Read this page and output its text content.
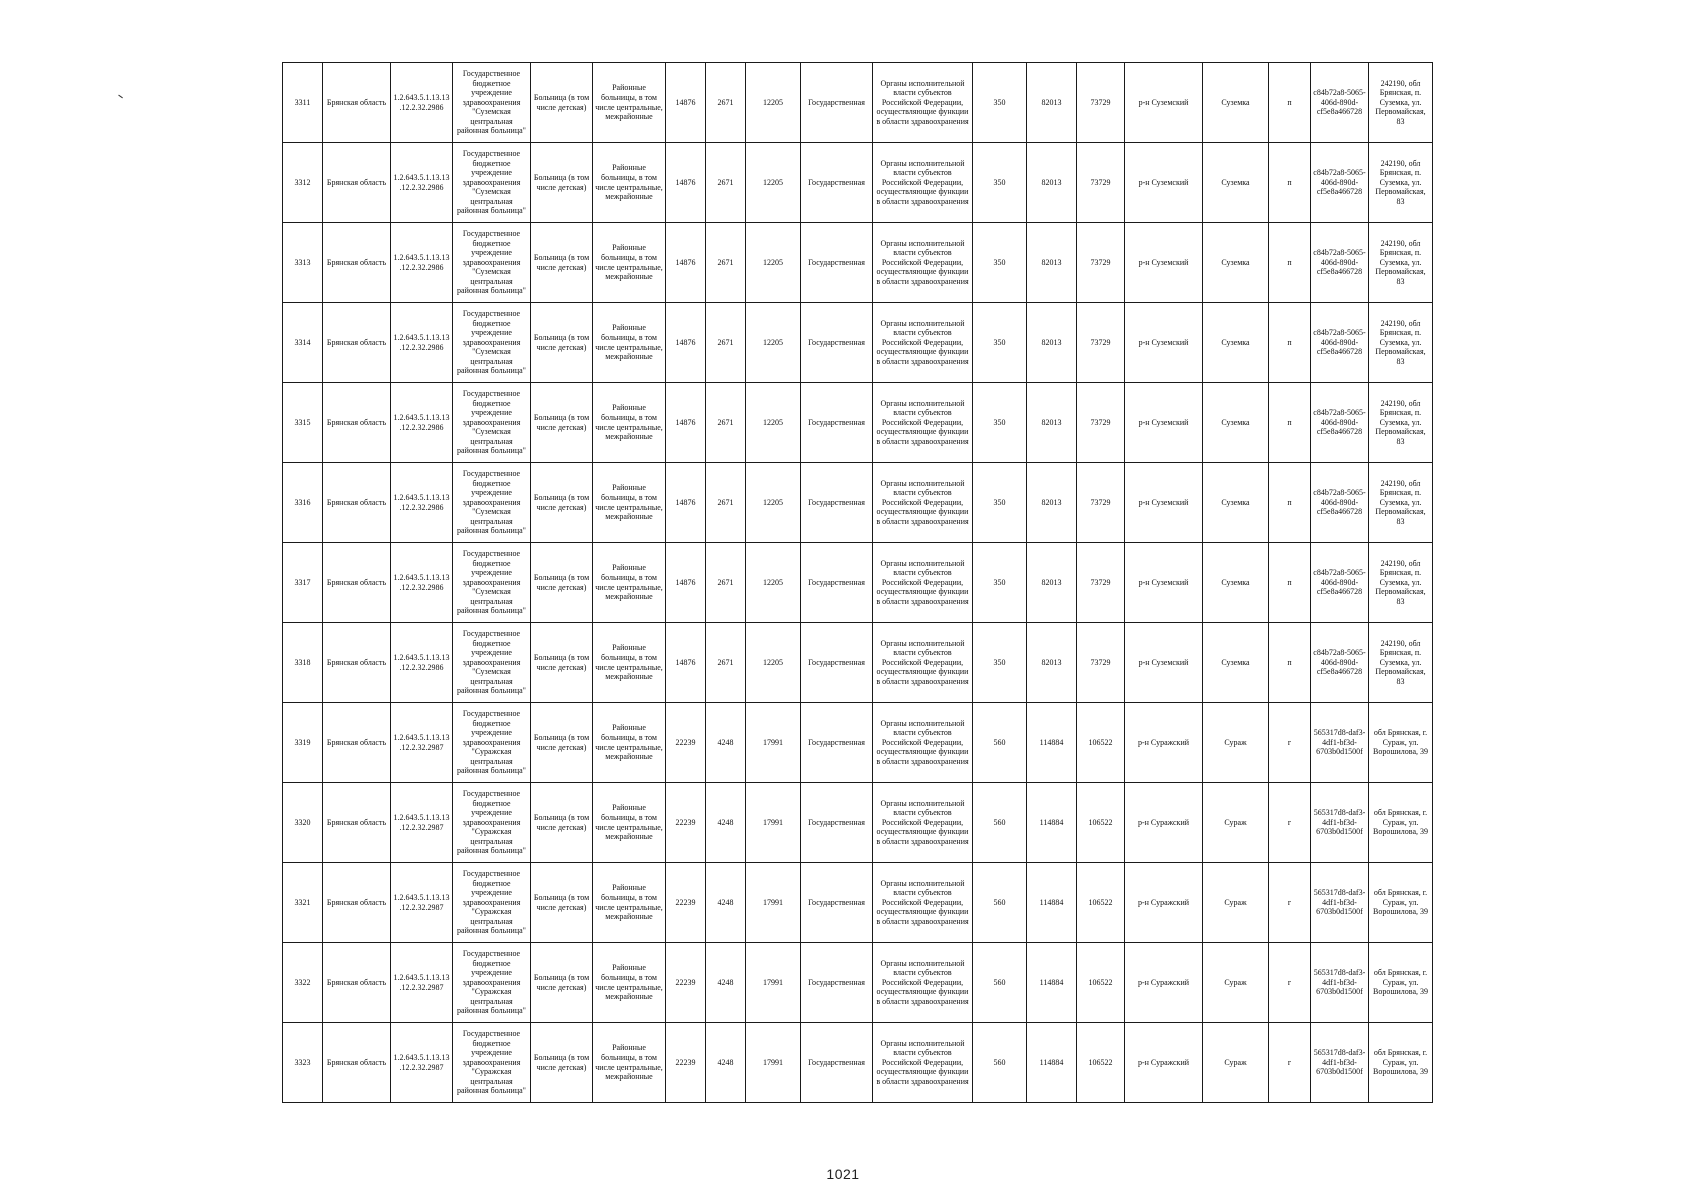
3311	Брянская область	1.2.643.5.1.13.13.12.2.32.2986	Государственное бюджетное учреждение здравоохранения "Суземская центральная районная больница"	Больница (в том числе детская)	Районные больницы, в том числе центральные, межрайонные	14876	2671	12205	Государственная	Органы исполнительной власти субъектов Российской Федерации, осуществляющие функции в области здравоохранения	350	82013	73729	р-н Суземский	Суземка	п	c84b72a8-5065-406d-890d-cf5e8a466728	242190, обл Брянская, п. Суземка, ул. Первомайская, 83
3312	Брянская область	1.2.643.5.1.13.13.12.2.32.2986	Государственное бюджетное учреждение здравоохранения "Суземская центральная районная больница"	Больница (в том числе детская)	Районные больницы, в том числе центральные, межрайонные	14876	2671	12205	Государственная	Органы исполнительной власти субъектов Российской Федерации, осуществляющие функции в области здравоохранения	350	82013	73729	р-н Суземский	Суземка	п	c84b72a8-5065-406d-890d-cf5e8a466728	242190, обл Брянская, п. Суземка, ул. Первомайская, 83
3313	Брянская область	1.2.643.5.1.13.13.12.2.32.2986	Государственное бюджетное учреждение здравоохранения "Суземская центральная районная больница"	Больница (в том числе детская)	Районные больницы, в том числе центральные, межрайонные	14876	2671	12205	Государственная	Органы исполнительной власти субъектов Российской Федерации, осуществляющие функции в области здравоохранения	350	82013	73729	р-н Суземский	Суземка	п	c84b72a8-5065-406d-890d-cf5e8a466728	242190, обл Брянская, п. Суземка, ул. Первомайская, 83
3314	Брянская область	1.2.643.5.1.13.13.12.2.32.2986	Государственное бюджетное учреждение здравоохранения "Суземская центральная районная больница"	Больница (в том числе детская)	Районные больницы, в том числе центральные, межрайонные	14876	2671	12205	Государственная	Органы исполнительной власти субъектов Российской Федерации, осуществляющие функции в области здравоохранения	350	82013	73729	р-н Суземский	Суземка	п	c84b72a8-5065-406d-890d-cf5e8a466728	242190, обл Брянская, п. Суземка, ул. Первомайская, 83
3315	Брянская область	1.2.643.5.1.13.13.12.2.32.2986	Государственное бюджетное учреждение здравоохранения "Суземская центральная районная больница"	Больница (в том числе детская)	Районные больницы, в том числе центральные, межрайонные	14876	2671	12205	Государственная	Органы исполнительной власти субъектов Российской Федерации, осуществляющие функции в области здравоохранения	350	82013	73729	р-н Суземский	Суземка	п	c84b72a8-5065-406d-890d-cf5e8a466728	242190, обл Брянская, п. Суземка, ул. Первомайская, 83
3316	Брянская область	1.2.643.5.1.13.13.12.2.32.2986	Государственное бюджетное учреждение здравоохранения "Суземская центральная районная больница"	Больница (в том числе детская)	Районные больницы, в том числе центральные, межрайонные	14876	2671	12205	Государственная	Органы исполнительной власти субъектов Российской Федерации, осуществляющие функции в области здравоохранения	350	82013	73729	р-н Суземский	Суземка	п	c84b72a8-5065-406d-890d-cf5e8a466728	242190, обл Брянская, п. Суземка, ул. Первомайская, 83
3317	Брянская область	1.2.643.5.1.13.13.12.2.32.2986	Государственное бюджетное учреждение здравоохранения "Суземская центральная районная больница"	Больница (в том числе детская)	Районные больницы, в том числе центральные, межрайонные	14876	2671	12205	Государственная	Органы исполнительной власти субъектов Российской Федерации, осуществляющие функции в области здравоохранения	350	82013	73729	р-н Суземский	Суземка	п	c84b72a8-5065-406d-890d-cf5e8a466728	242190, обл Брянская, п. Суземка, ул. Первомайская, 83
3318	Брянская область	1.2.643.5.1.13.13.12.2.32.2986	Государственное бюджетное учреждение здравоохранения "Суземская центральная районная больница"	Больница (в том числе детская)	Районные больницы, в том числе центральные, межрайонные	14876	2671	12205	Государственная	Органы исполнительной власти субъектов Российской Федерации, осуществляющие функции в области здравоохранения	350	82013	73729	р-н Суземский	Суземка	п	c84b72a8-5065-406d-890d-cf5e8a466728	242190, обл Брянская, п. Суземка, ул. Первомайская, 83
3319	Брянская область	1.2.643.5.1.13.13.12.2.32.2987	Государственное бюджетное учреждение здравоохранения "Суражская центральная районная больница"	Больница (в том числе детская)	Районные больницы, в том числе центральные, межрайонные	22239	4248	17991	Государственная	Органы исполнительной власти субъектов Российской Федерации, осуществляющие функции в области здравоохранения	560	114884	106522	р-н Суражский	Сураж	г	565317d8-daf3-4df1-bf3d-6703b0d1500f	обл Брянская, г. Сураж, ул. Ворошилова, 39
3320	Брянская область	1.2.643.5.1.13.13.12.2.32.2987	Государственное бюджетное учреждение здравоохранения "Суражская центральная районная больница"	Больница (в том числе детская)	Районные больницы, в том числе центральные, межрайонные	22239	4248	17991	Государственная	Органы исполнительной власти субъектов Российской Федерации, осуществляющие функции в области здравоохранения	560	114884	106522	р-н Суражский	Сураж	г	565317d8-daf3-4df1-bf3d-6703b0d1500f	обл Брянская, г. Сураж, ул. Ворошилова, 39
3321	Брянская область	1.2.643.5.1.13.13.12.2.32.2987	Государственное бюджетное учреждение здравоохранения "Суражская центральная районная больница"	Больница (в том числе детская)	Районные больницы, в том числе центральные, межрайонные	22239	4248	17991	Государственная	Органы исполнительной власти субъектов Российской Федерации, осуществляющие функции в области здравоохранения	560	114884	106522	р-н Суражский	Сураж	г	565317d8-daf3-4df1-bf3d-6703b0d1500f	обл Брянская, г. Сураж, ул. Ворошилова, 39
3322	Брянская область	1.2.643.5.1.13.13.12.2.32.2987	Государственное бюджетное учреждение здравоохранения "Суражская центральная районная больница"	Больница (в том числе детская)	Районные больницы, в том числе центральные, межрайонные	22239	4248	17991	Государственная	Органы исполнительной власти субъектов Российской Федерации, осуществляющие функции в области здравоохранения	560	114884	106522	р-н Суражский	Сураж	г	565317d8-daf3-4df1-bf3d-6703b0d1500f	обл Брянская, г. Сураж, ул. Ворошилова, 39
3323	Брянская область	1.2.643.5.1.13.13.12.2.32.2987	Государственное бюджетное учреждение здравоохранения "Суражская центральная районная больница"	Больница (в том числе детская)	Районные больницы, в том числе центральные, межрайонные	22239	4248	17991	Государственная	Органы исполнительной власти субъектов Российской Федерации, осуществляющие функции в области здравоохранения	560	114884	106522	р-н Суражский	Сураж	г	565317d8-daf3-4df1-bf3d-6703b0d1500f	обл Брянская, г. Сураж, ул. Ворошилова, 39
1021
